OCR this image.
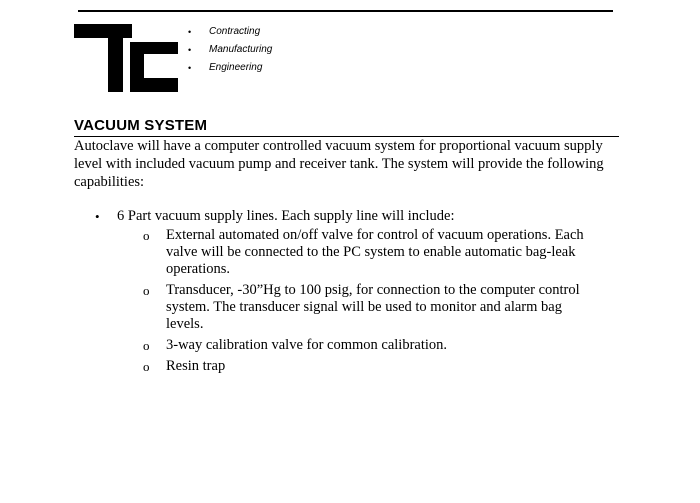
• Contracting
• Manufacturing
• Engineering
VACUUM SYSTEM

Autoclave will have a computer controlled vacuum system for proportional vacuum supply level with included vacuum pump and receiver tank. The system will provide the following capabilities:

• 6 Part vacuum supply lines. Each supply line will include:
o External automated on/off valve for control of vacuum operations. Each valve will be connected to the PC system to enable automatic bag-leak operations.
o Transducer, -30”Hg to 100 psig, for connection to the computer control system. The transducer signal will be used to monitor and alarm bag levels.
o 3-way calibration valve for common calibration.
o Resin trap
